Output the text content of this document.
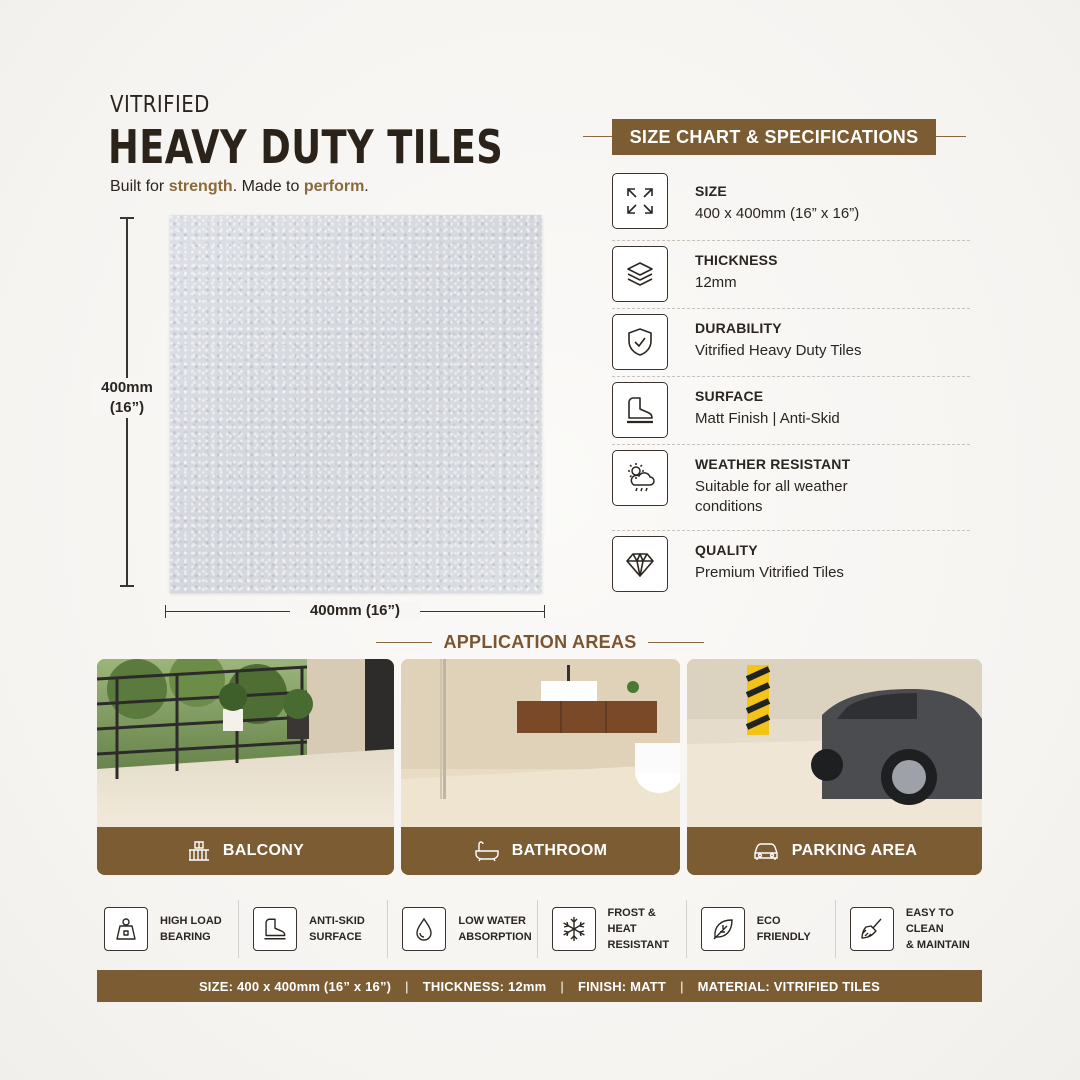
VITRIFIED
HEAVY DUTY TILES
Built for strength. Made to perform.
400mm
(16”)
400mm (16”)
SIZE CHART & SPECIFICATIONS
SIZE
400 x 400mm (16” x 16”)
THICKNESS
12mm
DURABILITY
Vitrified Heavy Duty Tiles
SURFACE
Matt Finish | Anti-Skid
WEATHER RESISTANT
Suitable for all weather conditions
QUALITY
Premium Vitrified Tiles
APPLICATION AREAS
BALCONY	BATHROOM	PARKING AREA
HIGH LOAD
BEARING
ANTI-SKID
SURFACE
LOW WATER
ABSORPTION
FROST & HEAT
RESISTANT
ECO
FRIENDLY
EASY TO CLEAN
& MAINTAIN
SIZE: 400 x 400mm (16” x 16”) | THICKNESS: 12mm | FINISH: MATT | MATERIAL: VITRIFIED TILES
